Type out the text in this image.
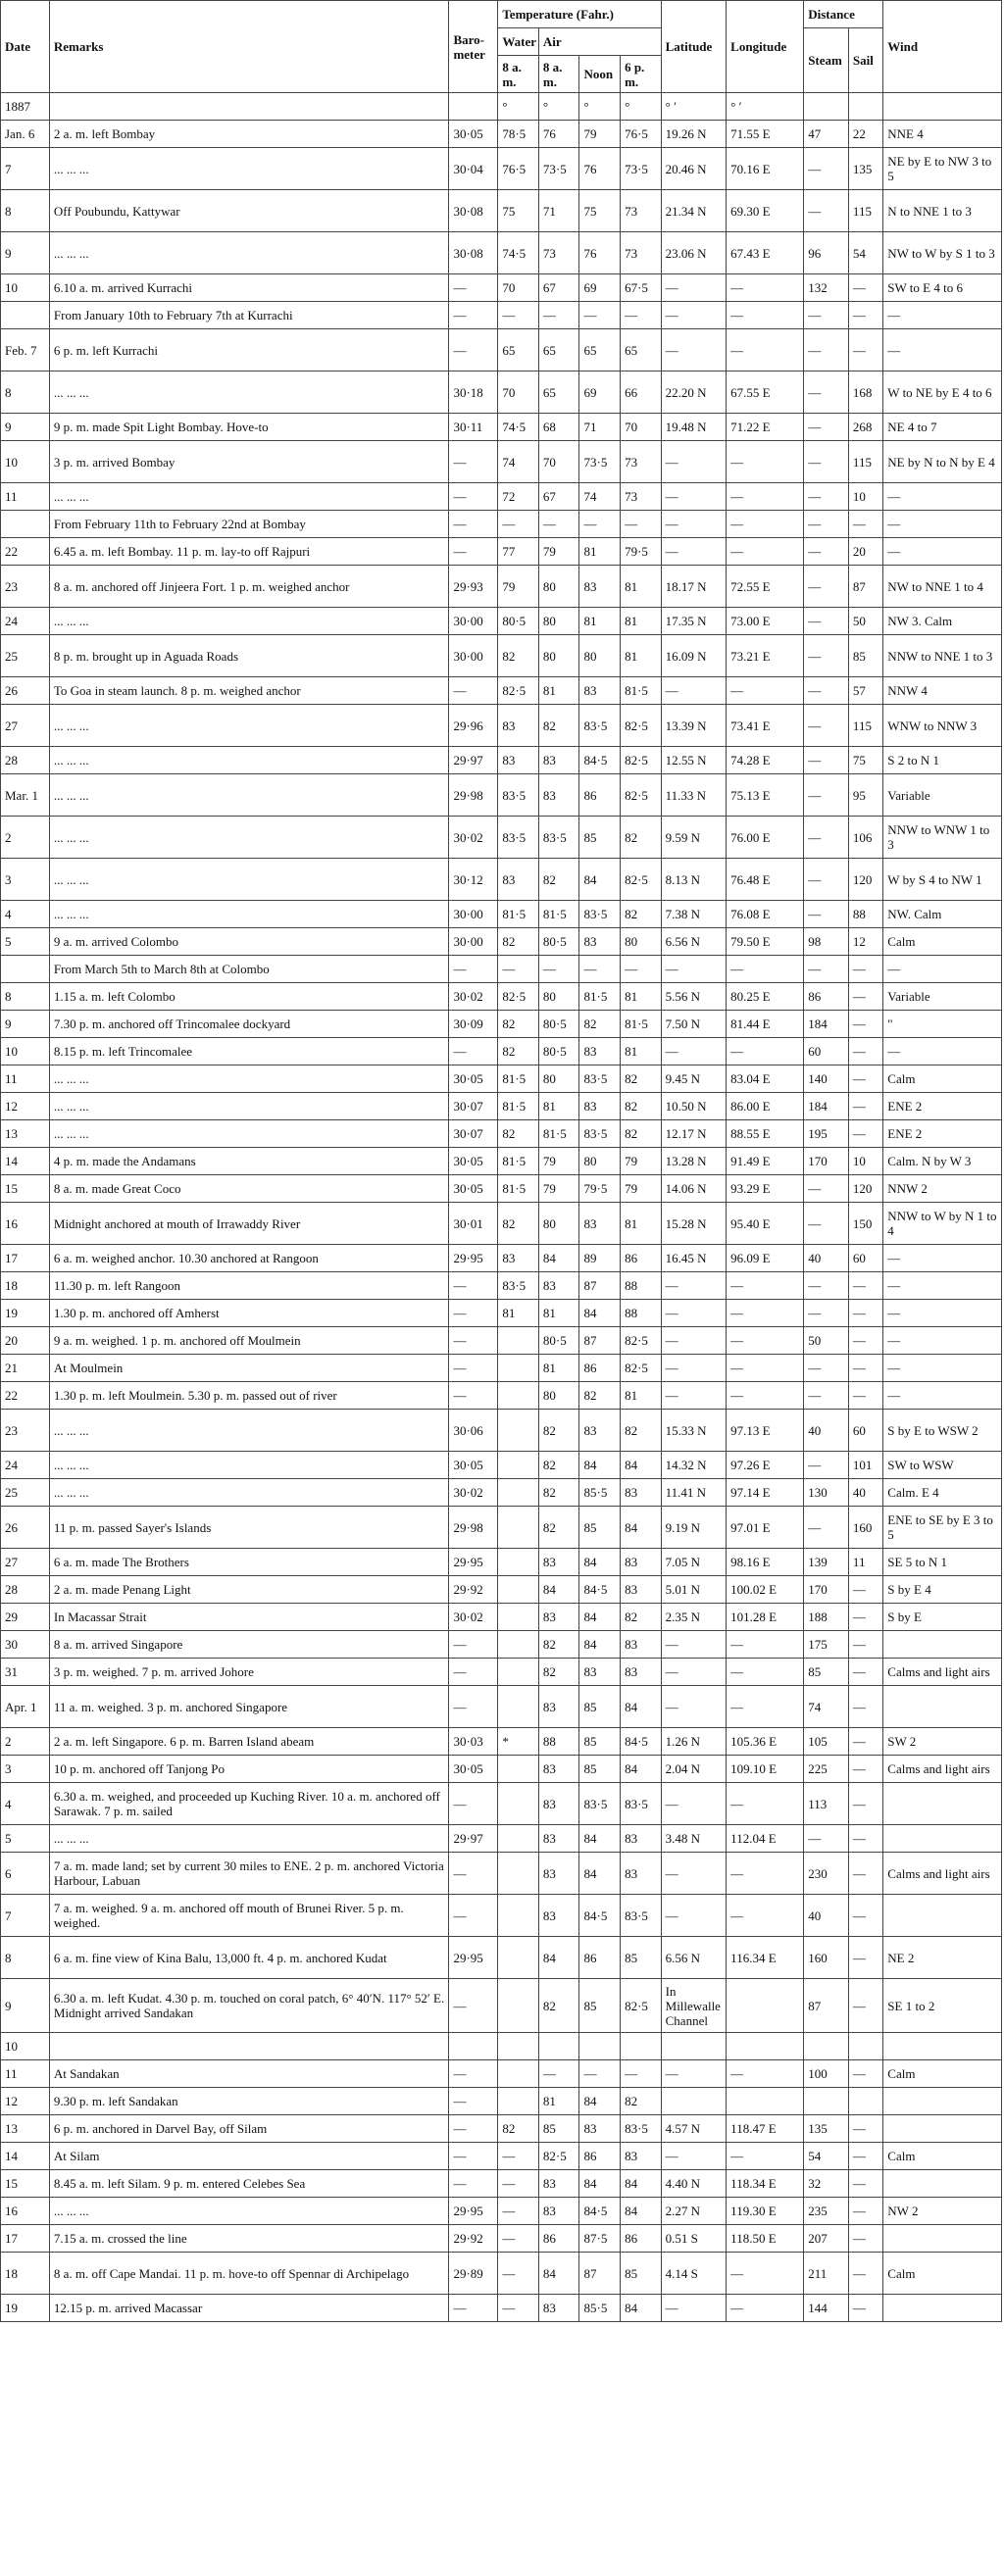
Date	Remarks	Baro-meter	Temperature (Fahr.)				Latitude	Longitude	Distance		Wind
			Water	Air					Steam	Sail	
			8 a. m.	8 a. m.	Noon	6 p. m.					
1887			°	°	°	°	° ′	° ′			
Jan. 6	2 a. m. left Bombay	30·05	78·5	76	79	76·5	19.26 N	71.55 E	47	22	NNE 4
7	... ... ...	30·04	76·5	73·5	76	73·5	20.46 N	70.16 E	—	135	NE by E to NW 3 to 5
8	Off Poubundu, Kattywar	30·08	75	71	75	73	21.34 N	69.30 E	—	115	N to NNE 1 to 3
9	... ... ...	30·08	74·5	73	76	73	23.06 N	67.43 E	96	54	NW to W by S 1 to 3
10	6.10 a. m. arrived Kurrachi	—	70	67	69	67·5	—	—	132	—	SW to E 4 to 6
	From January 10th to February 7th at Kurrachi	—	—	—	—	—	—	—	—	—	—
Feb. 7	6 p. m. left Kurrachi	—	65	65	65	65	—	—	—	—	—
8	... ... ...	30·18	70	65	69	66	22.20 N	67.55 E	—	168	W to NE by E 4 to 6
9	9 p. m. made Spit Light Bombay. Hove-to	30·11	74·5	68	71	70	19.48 N	71.22 E	—	268	NE 4 to 7
10	3 p. m. arrived Bombay	—	74	70	73·5	73	—	—	—	115	NE by N to N by E 4
11	... ... ...	—	72	67	74	73	—	—	—	10	—
	From February 11th to February 22nd at Bombay	—	—	—	—	—	—	—	—	—	—
22	6.45 a. m. left Bombay. 11 p. m. lay-to off Rajpuri	—	77	79	81	79·5	—	—	—	20	—
23	8 a. m. anchored off Jinjeera Fort. 1 p. m. weighed anchor	29·93	79	80	83	81	18.17 N	72.55 E	—	87	NW to NNE 1 to 4
24	... ... ...	30·00	80·5	80	81	81	17.35 N	73.00 E	—	50	NW 3. Calm
25	8 p. m. brought up in Aguada Roads	30·00	82	80	80	81	16.09 N	73.21 E	—	85	NNW to NNE 1 to 3
26	To Goa in steam launch. 8 p. m. weighed anchor	—	82·5	81	83	81·5	—	—	—	57	NNW 4
27	... ... ...	29·96	83	82	83·5	82·5	13.39 N	73.41 E	—	115	WNW to NNW 3
28	... ... ...	29·97	83	83	84·5	82·5	12.55 N	74.28 E	—	75	S 2 to N 1
Mar. 1	... ... ...	29·98	83·5	83	86	82·5	11.33 N	75.13 E	—	95	Variable
2	... ... ...	30·02	83·5	83·5	85	82	9.59 N	76.00 E	—	106	NNW to WNW 1 to 3
3	... ... ...	30·12	83	82	84	82·5	8.13 N	76.48 E	—	120	W by S 4 to NW 1
4	... ... ...	30·00	81·5	81·5	83·5	82	7.38 N	76.08 E	—	88	NW. Calm
5	9 a. m. arrived Colombo	30·00	82	80·5	83	80	6.56 N	79.50 E	98	12	Calm
	From March 5th to March 8th at Colombo	—	—	—	—	—	—	—	—	—	—
8	1.15 a. m. left Colombo	30·02	82·5	80	81·5	81	5.56 N	80.25 E	86	—	Variable
9	7.30 p. m. anchored off Trincomalee dockyard	30·09	82	80·5	82	81·5	7.50 N	81.44 E	184	—	"
10	8.15 p. m. left Trincomalee	—	82	80·5	83	81	—	—	60	—	—
11	... ... ...	30·05	81·5	80	83·5	82	9.45 N	83.04 E	140	—	Calm
12	... ... ...	30·07	81·5	81	83	82	10.50 N	86.00 E	184	—	ENE 2
13	... ... ...	30·07	82	81·5	83·5	82	12.17 N	88.55 E	195	—	ENE 2
14	4 p. m. made the Andamans	30·05	81·5	79	80	79	13.28 N	91.49 E	170	10	Calm. N by W 3
15	8 a. m. made Great Coco	30·05	81·5	79	79·5	79	14.06 N	93.29 E	—	120	NNW 2
16	Midnight anchored at mouth of Irrawaddy River	30·01	82	80	83	81	15.28 N	95.40 E	—	150	NNW to W by N 1 to 4
17	6 a. m. weighed anchor. 10.30 anchored at Rangoon	29·95	83	84	89	86	16.45 N	96.09 E	40	60	—
18	11.30 p. m. left Rangoon	—	83·5	83	87	88	—	—	—	—	—
19	1.30 p. m. anchored off Amherst	—	81	81	84	88	—	—	—	—	—
20	9 a. m. weighed. 1 p. m. anchored off Moulmein	—		80·5	87	82·5	—	—	50	—	—
21	At Moulmein	—		81	86	82·5	—	—	—	—	—
22	1.30 p. m. left Moulmein. 5.30 p. m. passed out of river	—		80	82	81	—	—	—	—	—
23	... ... ...	30·06		82	83	82	15.33 N	97.13 E	40	60	S by E to WSW 2
24	... ... ...	30·05		82	84	84	14.32 N	97.26 E	—	101	SW to WSW
25	... ... ...	30·02		82	85·5	83	11.41 N	97.14 E	130	40	Calm. E 4
26	11 p. m. passed Sayer's Islands	29·98		82	85	84	9.19 N	97.01 E	—	160	ENE to SE by E 3 to 5
27	6 a. m. made The Brothers	29·95		83	84	83	7.05 N	98.16 E	139	11	SE 5 to N 1
28	2 a. m. made Penang Light	29·92		84	84·5	83	5.01 N	100.02 E	170	—	S by E 4
29	In Macassar Strait	30·02		83	84	82	2.35 N	101.28 E	188	—	S by E
30	8 a. m. arrived Singapore	—		82	84	83	—	—	175	—	
31	3 p. m. weighed. 7 p. m. arrived Johore	—		82	83	83	—	—	85	—	Calms and light airs
Apr. 1	11 a. m. weighed. 3 p. m. anchored Singapore	—		83	85	84	—	—	74	—	
2	2 a. m. left Singapore. 6 p. m. Barren Island abeam	30·03	*	88	85	84·5	1.26 N	105.36 E	105	—	SW 2
3	10 p. m. anchored off Tanjong Po	30·05		83	85	84	2.04 N	109.10 E	225	—	Calms and light airs
4	6.30 a. m. weighed, and proceeded up Kuching River. 10 a. m. anchored off Sarawak. 7 p. m. sailed	—		83	83·5	83·5	—	—	113	—	
5	... ... ...	29·97		83	84	83	3.48 N	112.04 E	—	—	
6	7 a. m. made land; set by current 30 miles to ENE. 2 p. m. anchored Victoria Harbour, Labuan	—		83	84	83	—	—	230	—	Calms and light airs
7	7 a. m. weighed. 9 a. m. anchored off mouth of Brunei River. 5 p. m. weighed.	—		83	84·5	83·5	—	—	40	—	
8	6 a. m. fine view of Kina Balu, 13,000 ft. 4 p. m. anchored Kudat	29·95		84	86	85	6.56 N	116.34 E	160	—	NE 2
9	6.30 a. m. left Kudat. 4.30 p. m. touched on coral patch, 6° 40′N. 117° 52′ E. Midnight arrived Sandakan	—		82	85	82·5	In Millewalle Channel		87	—	SE 1 to 2
10											
11	At Sandakan	—		—	—	—	—	—	100	—	Calm
12	9.30 p. m. left Sandakan	—		81	84	82					
13	6 p. m. anchored in Darvel Bay, off Silam	—	82	85	83	83·5	4.57 N	118.47 E	135	—	
14	At Silam	—	—	82·5	86	83	—	—	54	—	Calm
15	8.45 a. m. left Silam. 9 p. m. entered Celebes Sea	—	—	83	84	84	4.40 N	118.34 E	32	—	
16	... ... ...	29·95	—	83	84·5	84	2.27 N	119.30 E	235	—	NW 2
17	7.15 a. m. crossed the line	29·92	—	86	87·5	86	0.51 S	118.50 E	207	—	
18	8 a. m. off Cape Mandai. 11 p. m. hove-to off Spennar di Archipelago	29·89	—	84	87	85	4.14 S	—	211	—	Calm
19	12.15 p. m. arrived Macassar	—	—	83	85·5	84	—	—	144	—	
